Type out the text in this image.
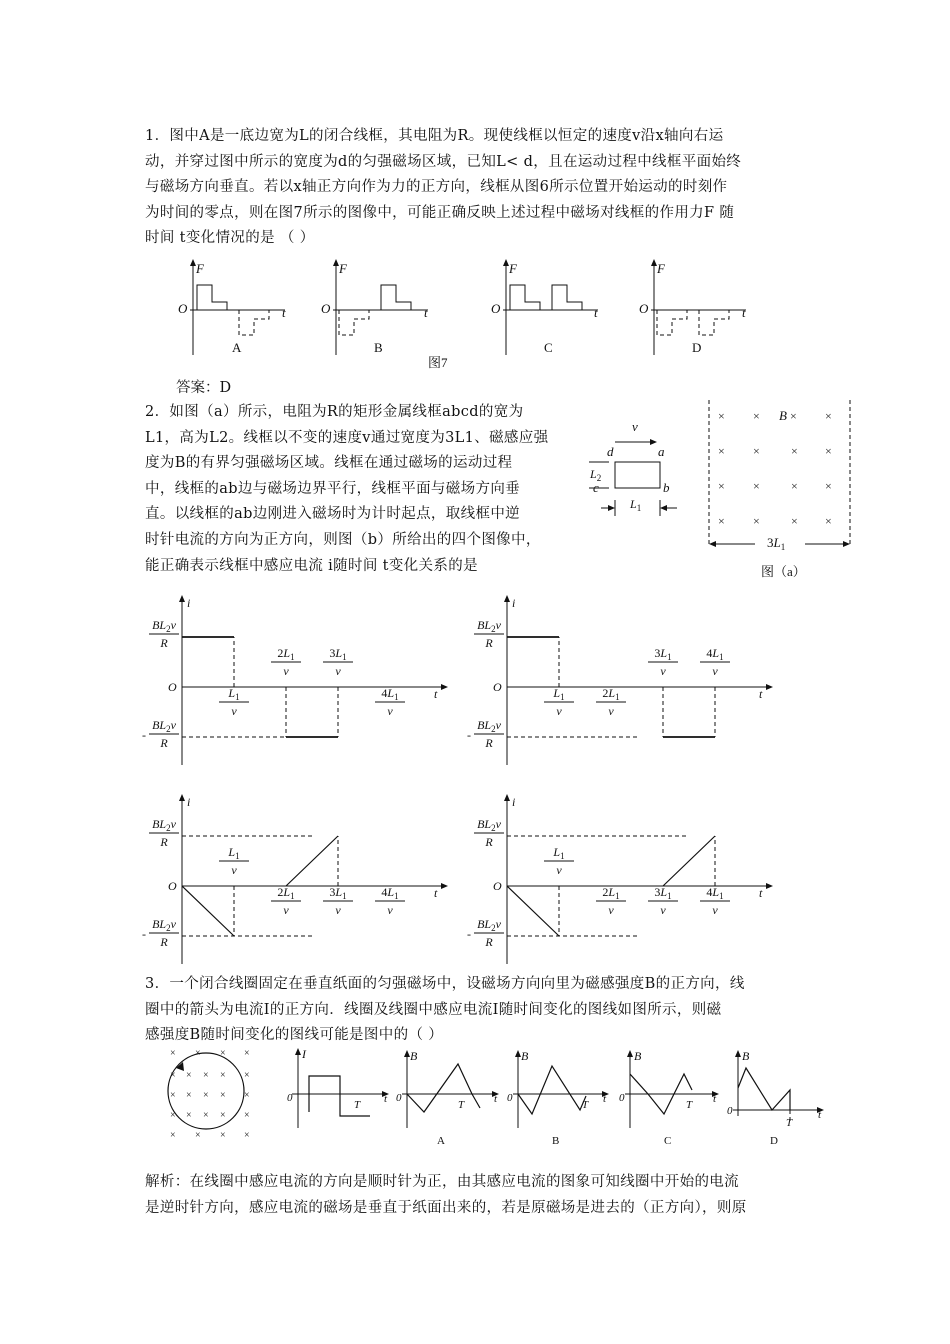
1．图中A是一底边宽为L的闭合线框，其电阻为R。现使线框以恒定的速度v沿x轴向右运
动，并穿过图中所示的宽度为d的匀强磁场区域，已知L< d，且在运动过程中线框平面始终
与磁场方向垂直。若以x轴正方向作为力的正方向，线框从图6所示位置开始运动的时刻作
为时间的零点，则在图7所示的图像中，可能正确反映上述过程中磁场对线框的作用力F 随
时间 t变化情况的是 （ ）
F
O	t
A
F
O	t
B
F
O	t
C
F
O	t
D
图7
答案：D
2．如图（a）所示，电阻为R的矩形金属线框abcd的宽为
L1，高为L2。线框以不变的速度v通过宽度为3L1、磁感应强
度为B的有界匀强磁场区域。线框在通过磁场的运动过程
中，线框的ab边与磁场边界平行，线框平面与磁场方向垂
直。以线框的ab边刚进入磁场时为计时起点，取线框中逆
时针电流的方向为正方向，则图（b）所给出的四个图像中，
能正确表示线框中感应电流 i随时间 t变化关系的是
v
d	a
b
c
$L_2$
$L_1$
× ×	×
× ×	× ×
× ×	× ×
× ×	× ×
B ×
$3L_1$
图（a）
i
t
O
$BL_2v$
R
$BL_2v$
R
-
$L_1$
v
$2L_1$
v
$3L_1$
v
$4L_1$
v
i
t
O
$BL_2v$
R
$BL_2v$
R
-
$L_1$
v
$2L_1$
v
$3L_1$
v
$4L_1$
v
i
t
O
$BL_2v$
R
$BL_2v$
R
-
$L_1$
v
$2L_1$
v
$3L_1$
v
$4L_1$
v
i
t
O
$BL_2v$
R
$BL_2v$
R
-
$L_1$
v
$2L_1$
v
$3L_1$
v
$4L_1$
v
3．一个闭合线圈固定在垂直纸面的匀强磁场中，设磁场方向向里为磁感强度B的正方向，线
圈中的箭头为电流I的正方向．线圈及线圈中感应电流I随时间变化的图线如图所示，则磁
感强度B随时间变化的图线可能是图中的（ ）
× × × ×
× × × × ×
× × × × ×
× × × × ×
× × × ×
I
0	t
T
B
0	t
T
A
B
0	t
T
B
B
0	t
T
C
B
0	t
T
D
解析：在线圈中感应电流的方向是顺时针为正，由其感应电流的图象可知线圈中开始的电流
是逆时针方向，感应电流的磁场是垂直于纸面出来的，若是原磁场是进去的（正方向），则原
